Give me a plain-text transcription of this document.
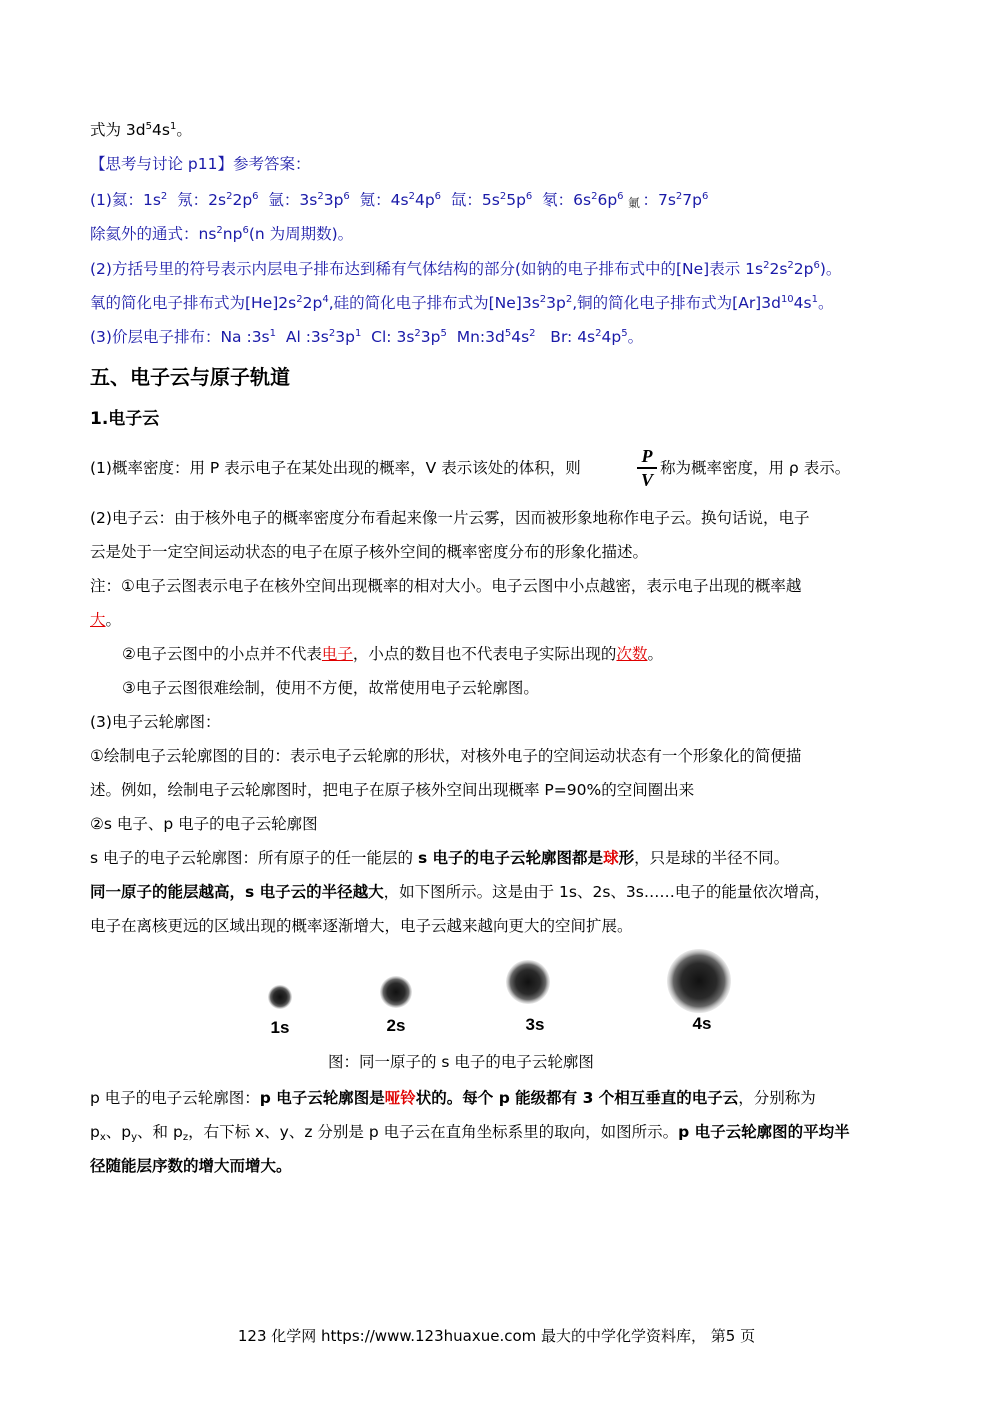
式为 $3d^54s^1$。
【思考与讨论 p11】参考答案：
(1)氦：$1s^2$  氖：$2s^22p^6$  氩：$3s^23p^6$  氪：$4s^24p^6$  氙：$5s^25p^6$  氡：$6s^26p^6$ 氭 ：$7s^27p^6$
除氦外的通式：$ns^2np^6(n$ 为周期数)。
(2)方括号里的符号表示内层电子排布达到稀有气体结构的部分(如钠的电子排布式中的[Ne]表示 $1s^22s^22p^6$)。
氧的简化电子排布式为$[He]2s^22p^4$,硅的简化电子排布式为$[Ne]3s^23p^2$,铜的简化电子排布式为$[Ar]3d^{10}4s^1$。
(3)价层电子排布：Na $:3s^1$  Al $:3s^23p^1$  Cl: $3s^23p^5$  $Mn:3d^54s^2$   Br: $4s^24p^5$。
五、电子云与原子轨道
1.电子云
(1)概率密度：用 P 表示电子在某处出现的概率，V 表示该处的体积，则
P
V
称为概率密度，用 ρ 表示。
(2)电子云：由于核外电子的概率密度分布看起来像一片云雾，因而被形象地称作电子云。换句话说，电子
云是处于一定空间运动状态的电子在原子核外空间的概率密度分布的形象化描述。
注：①电子云图表示电子在核外空间出现概率的相对大小。电子云图中小点越密，表示电子出现的概率越
大。
②电子云图中的小点并不代表电子，小点的数目也不代表电子实际出现的次数。
③电子云图很难绘制，使用不方便，故常使用电子云轮廓图。
(3)电子云轮廓图：
①绘制电子云轮廓图的目的：表示电子云轮廓的形状，对核外电子的空间运动状态有一个形象化的简便描
述。例如，绘制电子云轮廓图时，把电子在原子核外空间出现概率 P=90%的空间圈出来
②s 电子、p 电子的电子云轮廓图
s 电子的电子云轮廓图：所有原子的任一能层的 s 电子的电子云轮廓图都是球形，只是球的半径不同。
同一原子的能层越高，s 电子云的半径越大，如下图所示。这是由于 1s、2s、3s……电子的能量依次增高，
电子在离核更远的区域出现的概率逐渐增大，电子云越来越向更大的空间扩展。
1s	2s	3s	4s
图：同一原子的 s 电子的电子云轮廓图
p 电子的电子云轮廓图：p 电子云轮廓图是哑铃状的。每个 p 能级都有 3 个相互垂直的电子云，分别称为
$p_x$、$p_y$、和 $p_z$，右下标 x、y、z 分别是 p 电子云在直角坐标系里的取向，如图所示。p 电子云轮廓图的平均半
径随能层序数的增大而增大。
123 化学网 https://www.123huaxue.com 最大的中学化学资料库， 第5 页
